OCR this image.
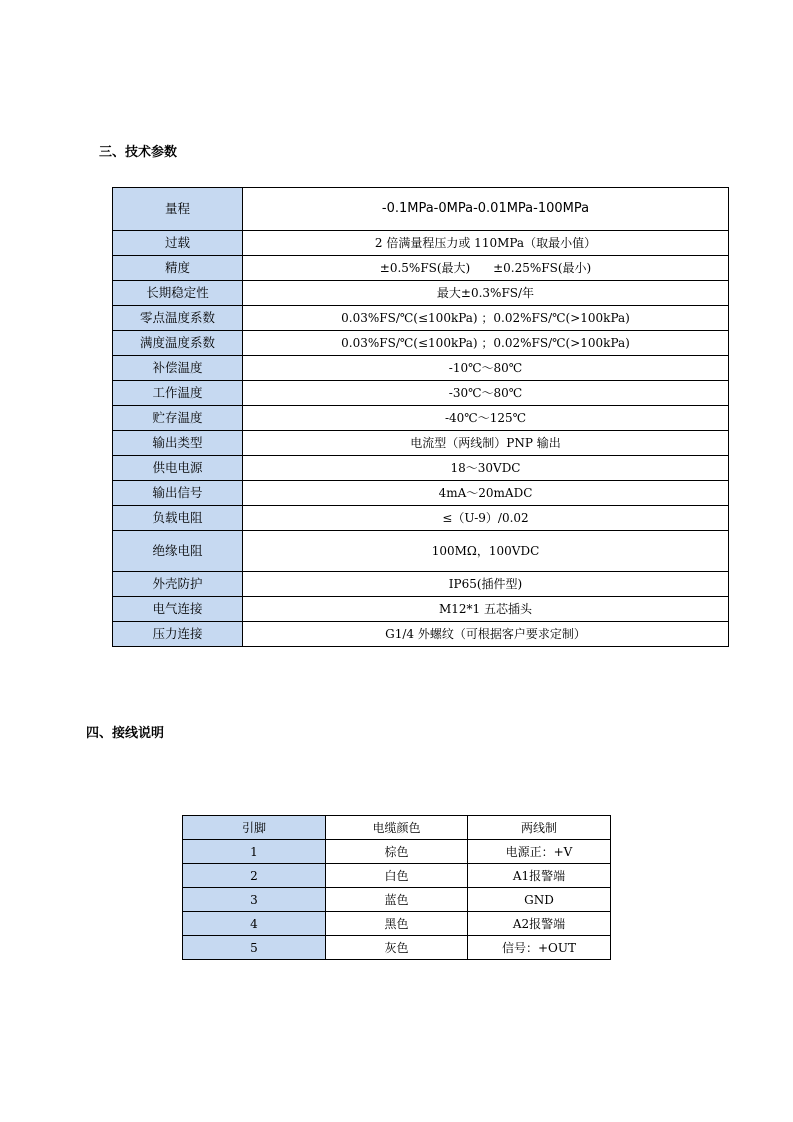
三、技术参数
量程	-0.1MPa-0MPa-0.01MPa-100MPa
过载	2 倍满量程压力或 110MPa（取最小值）
精度	±0.5%FS(最大)      ±0.25%FS(最小)
长期稳定性	最大±0.3%FS/年
零点温度系数	0.03%FS/℃(≤100kPa) ；0.02%FS/℃(>100kPa)
满度温度系数	0.03%FS/℃(≤100kPa) ；0.02%FS/℃(>100kPa)
补偿温度	-10℃～80℃
工作温度	-30℃～80℃
贮存温度	-40℃～125℃
输出类型	电流型（两线制）PNP 输出
供电电源	18～30VDC
输出信号	4mA～20mADC
负载电阻	≤（U-9）/0.02
绝缘电阻	100MΩ，100VDC
外壳防护	IP65(插件型)
电气连接	M12*1 五芯插头
压力连接	G1/4 外螺纹（可根据客户要求定制）
四、接线说明
引脚	电缆颜色	两线制
1	棕色	电源正：+V
2	白色	A1报警端
3	蓝色	GND
4	黑色	A2报警端
5	灰色	信号：+OUT
